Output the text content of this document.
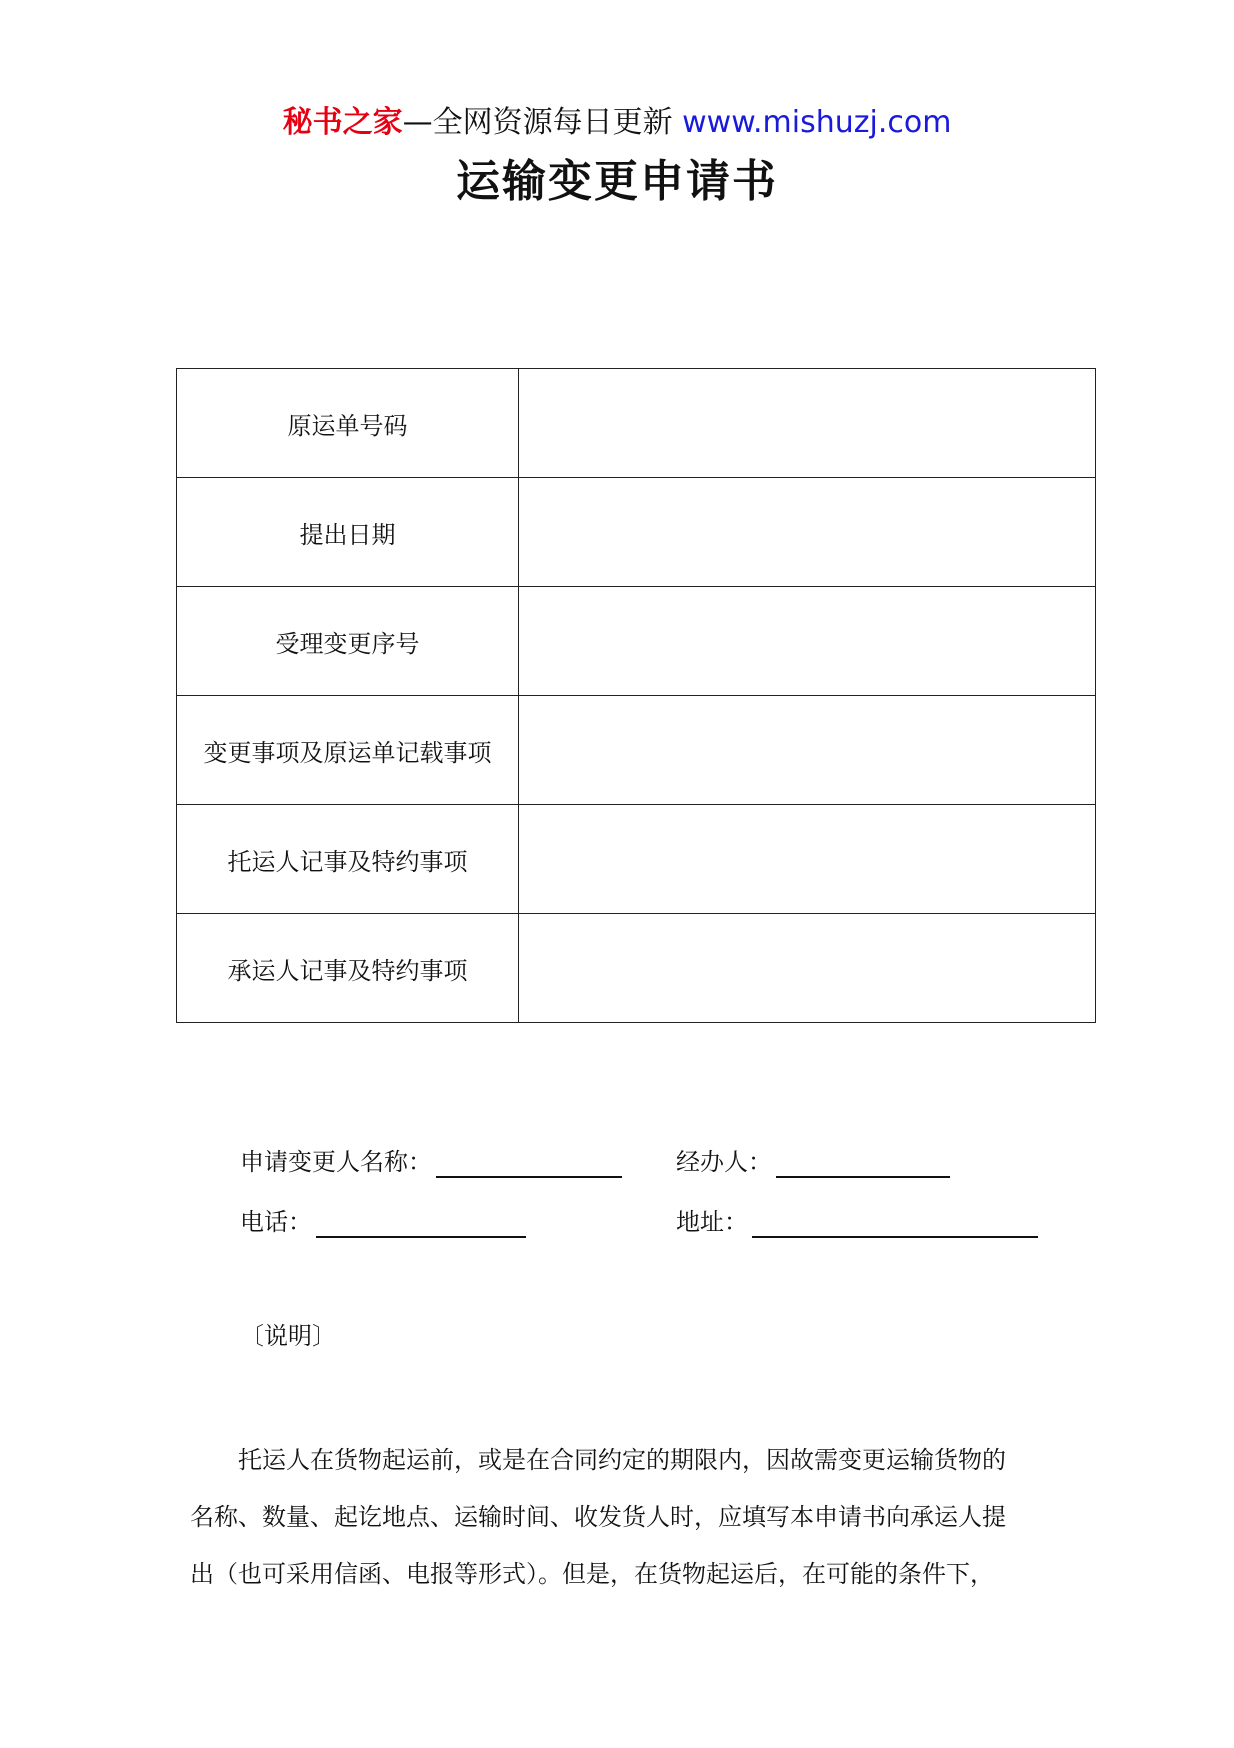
秘书之家—全网资源每日更新 www.mishuzj.com
运输变更申请书
原运单号码	
提出日期	
受理变更序号	
变更事项及原运单记载事项	
托运人记事及特约事项	
承运人记事及特约事项	
申请变更人名称：	经办人：
电话：	地址：
〔说明〕
托运人在货物起运前，或是在合同约定的期限内，因故需变更运输货物的
名称、数量、起讫地点、运输时间、收发货人时，应填写本申请书向承运人提
出（也可采用信函、电报等形式）。但是，在货物起运后，在可能的条件下，
